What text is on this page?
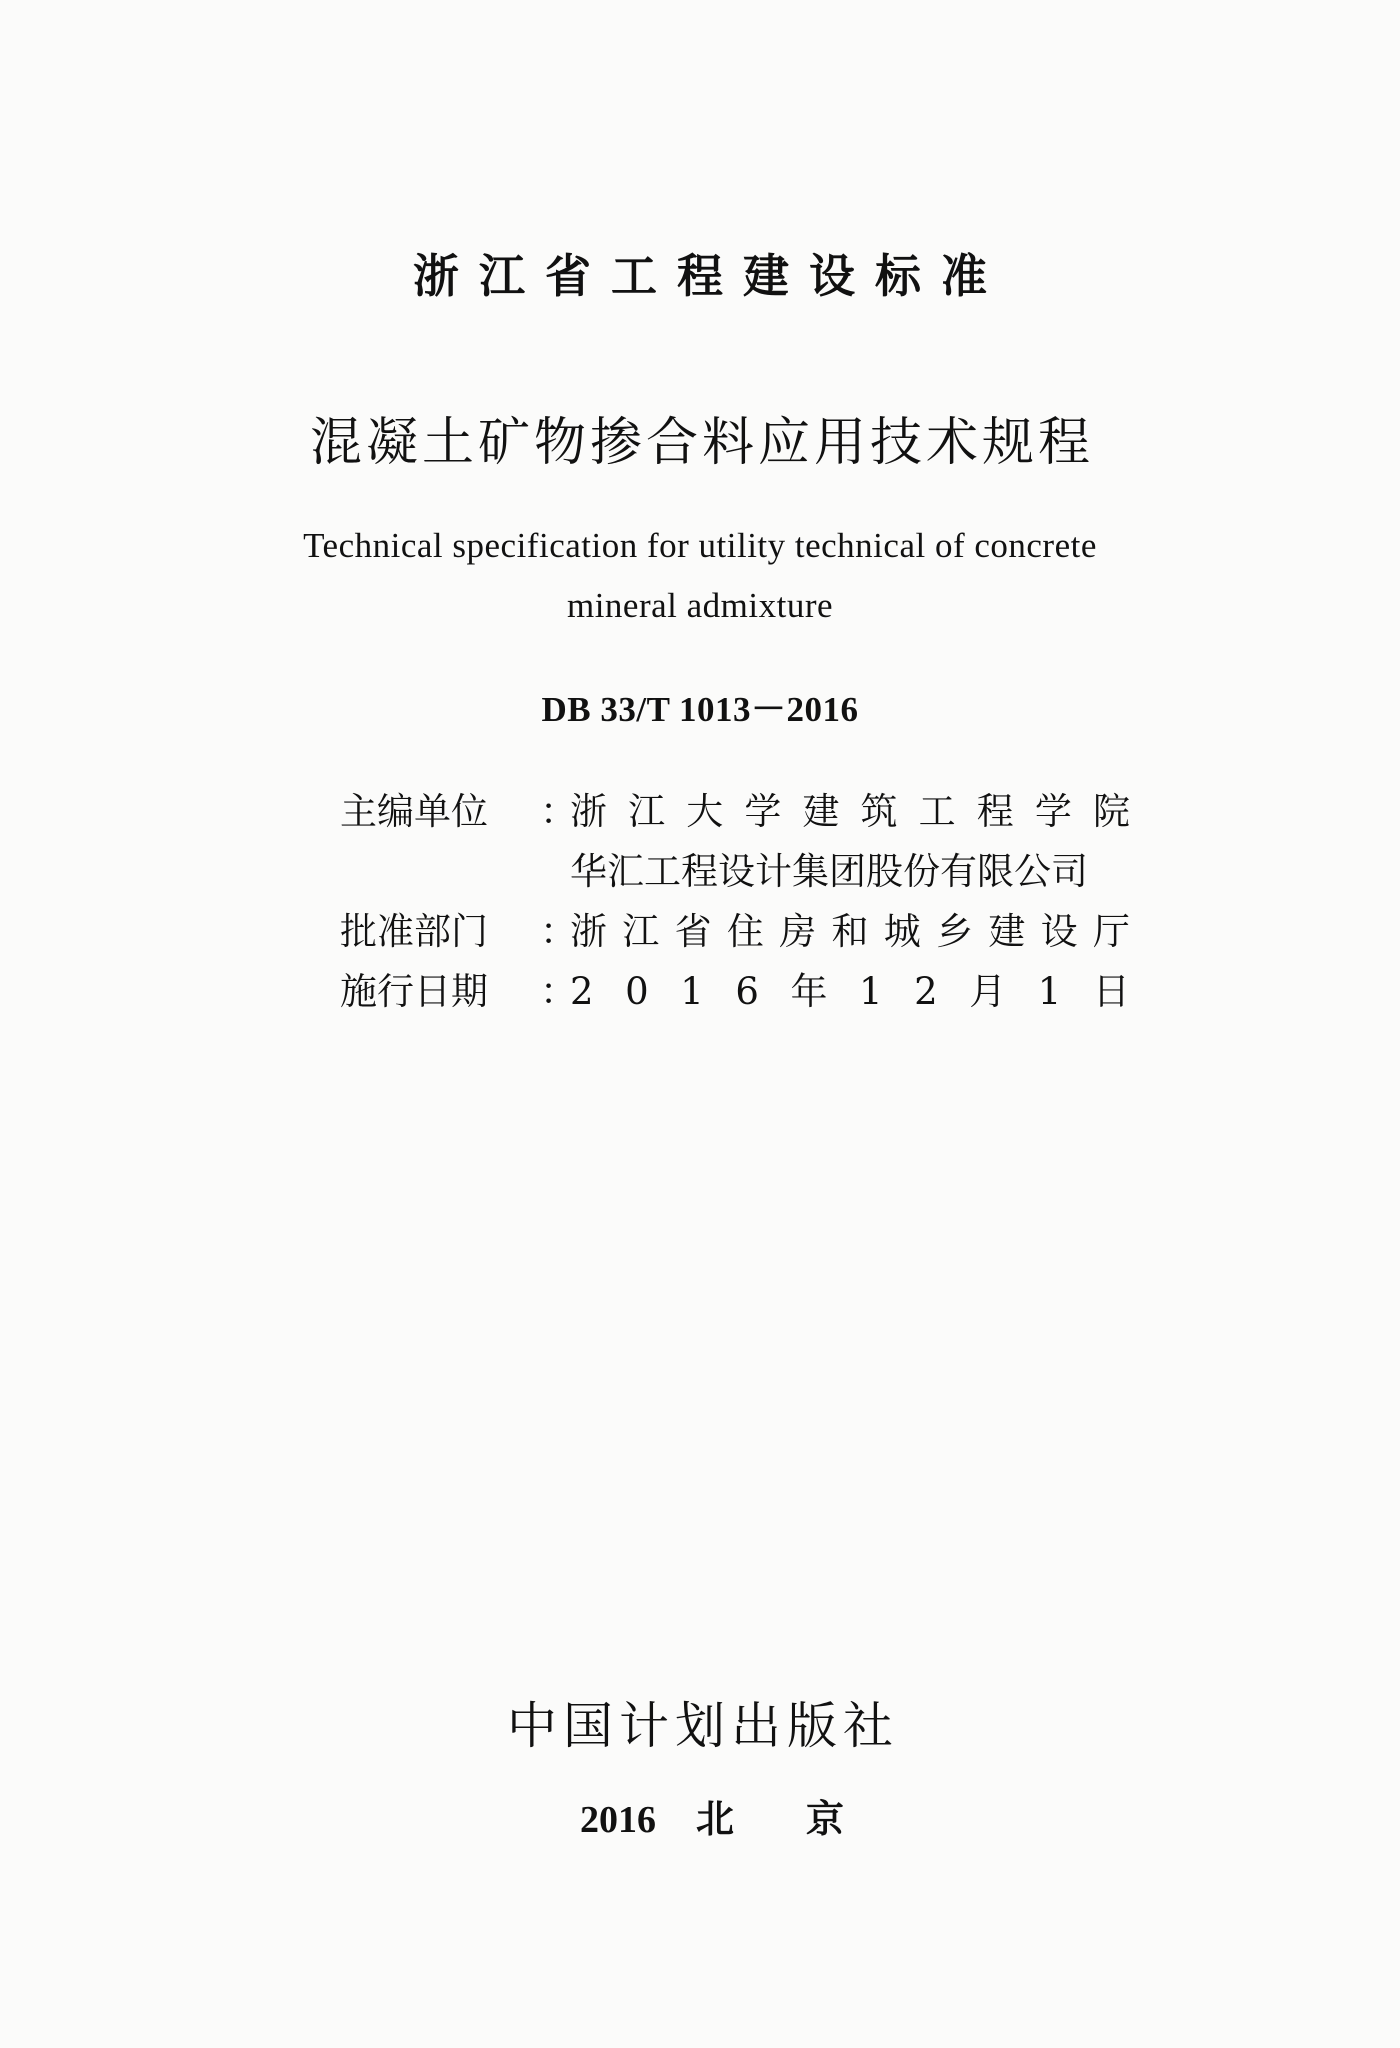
浙江省工程建设标准
混凝土矿物掺合料应用技术规程
Technical specification for utility technical of concrete
mineral admixture
DB 33/T 1013－2016
主编单位	：
浙 江 大 学 建 筑 工 程 学 院
华汇工程设计集团股份有限公司
批准部门	：
浙 江 省 住 房 和 城 乡 建 设 厅
施行日期	：
2 0 1 6 年 1 2 月 1 日
中国计划出版社
2016 北京
